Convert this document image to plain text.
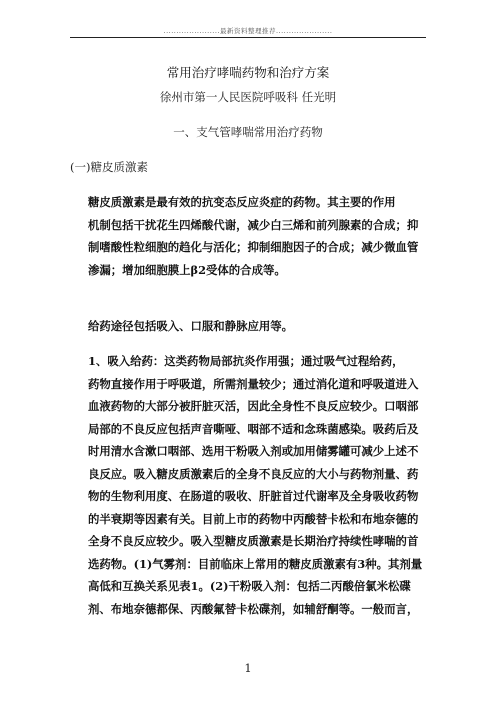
......................最新资料整理推荐......................
常用治疗哮喘药物和治疗方案
徐州市第一人民医院呼吸科 任光明
一、支气管哮喘常用治疗药物
(一)糖皮质激素
糖皮质激素是最有效的抗变态反应炎症的药物。其主要的作用
机制包括干扰花生四烯酸代谢，减少白三烯和前列腺素的合成；抑
制嗜酸性粒细胞的趋化与活化；抑制细胞因子的合成；减少微血管
渗漏；增加细胞膜上β2受体的合成等。
给药途径包括吸入、口服和静脉应用等。
1、吸入给药：这类药物局部抗炎作用强；通过吸气过程给药，
药物直接作用于呼吸道，所需剂量较少；通过消化道和呼吸道进入
血液药物的大部分被肝脏灭活，因此全身性不良反应较少。口咽部
局部的不良反应包括声音嘶哑、咽部不适和念珠菌感染。吸药后及
时用清水含漱口咽部、选用干粉吸入剂或加用储雾罐可减少上述不
良反应。吸入糖皮质激素后的全身不良反应的大小与药物剂量、药
物的生物利用度、在肠道的吸收、肝脏首过代谢率及全身吸收药物
的半衰期等因素有关。目前上市的药物中丙酸替卡松和布地奈德的
全身不良反应较少。吸入型糖皮质激素是长期治疗持续性哮喘的首
选药物。(1)气雾剂：目前临床上常用的糖皮质激素有3种。其剂量
高低和互换关系见表1。(2)干粉吸入剂：包括二丙酸倍氯米松碟
剂、布地奈德都保、丙酸氟替卡松碟剂，如辅舒酮等。一般而言，
1
